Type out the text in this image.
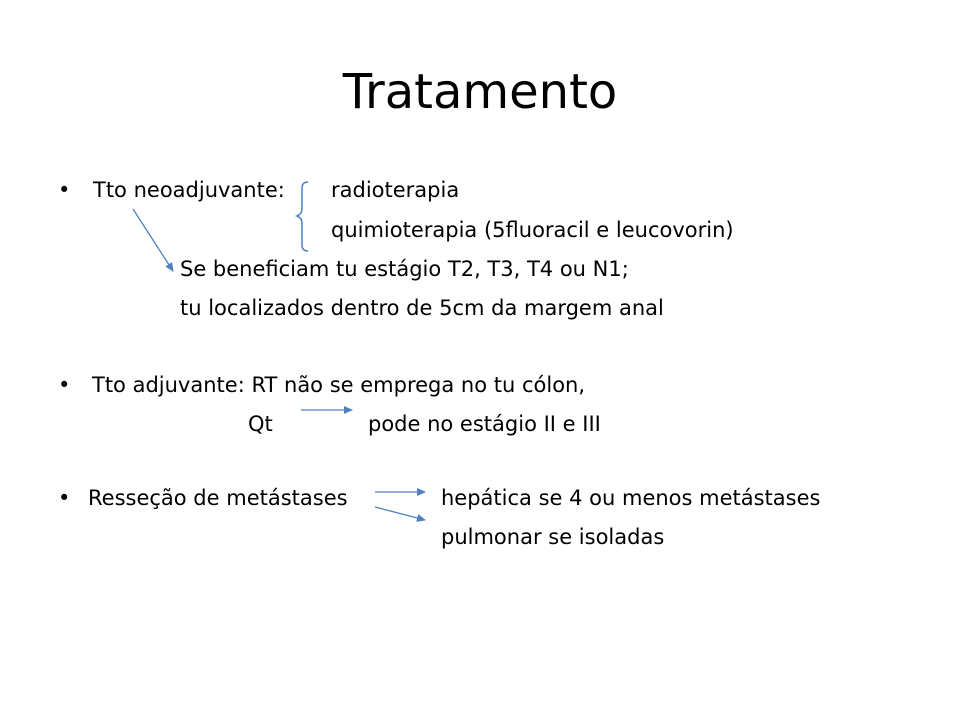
Tratamento
• Tto neoadjuvante: radioterapia
quimioterapia (5fluoracil e leucovorin)
Se beneficiam tu estágio T2, T3, T4 ou N1;
tu localizados dentro de 5cm da margem anal
• Tto adjuvante: RT não se emprega no tu cólon,
Qt	pode no estágio II e III
• Resseção de metástases	hepática se 4 ou menos metástases
pulmonar se isoladas
